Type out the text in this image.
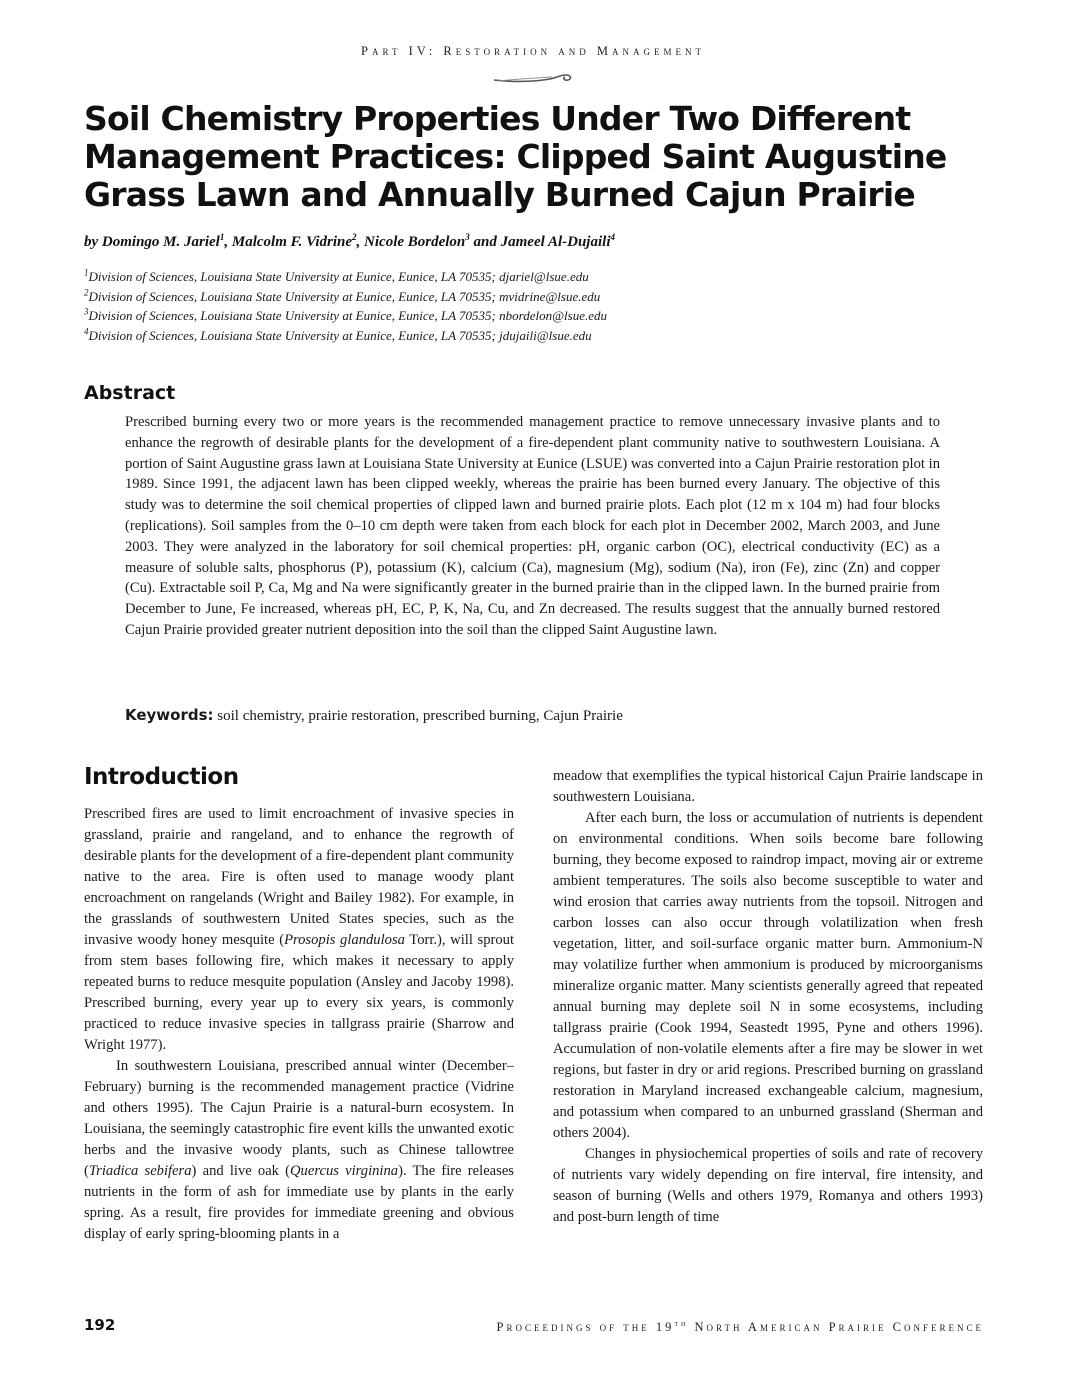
Part IV: Restoration and Management
Soil Chemistry Properties Under Two Different
Management Practices: Clipped Saint Augustine
Grass Lawn and Annually Burned Cajun Prairie
by Domingo M. Jariel$^1$, Malcolm F. Vidrine$^2$, Nicole Bordelon$^3$ and Jameel Al-Dujaili$^4$
$^1$Division of Sciences, Louisiana State University at Eunice, Eunice, LA 70535; djariel@lsue.edu
$^2$Division of Sciences, Louisiana State University at Eunice, Eunice, LA 70535; mvidrine@lsue.edu
$^3$Division of Sciences, Louisiana State University at Eunice, Eunice, LA 70535; nbordelon@lsue.edu
$^4$Division of Sciences, Louisiana State University at Eunice, Eunice, LA 70535; jdujaili@lsue.edu
Abstract

Prescribed burning every two or more years is the recommended management practice to remove unnecessary invasive plants and to enhance the regrowth of desirable plants for the development of a fire-dependent plant community native to southwestern Louisiana. A portion of Saint Augustine grass lawn at Louisiana State University at Eunice (LSUE) was converted into a Cajun Prairie restoration plot in 1989. Since 1991, the adjacent lawn has been clipped weekly, whereas the prairie has been burned every January. The objective of this study was to determine the soil chemical properties of clipped lawn and burned prairie plots. Each plot (12 m x 104 m) had four blocks (replications). Soil samples from the 0–10 cm depth were taken from each block for each plot in December 2002, March 2003, and June 2003. They were analyzed in the laboratory for soil chemical properties: pH, organic carbon (OC), electrical conductivity (EC) as a measure of soluble salts, phosphorus (P), potassium (K), calcium (Ca), magnesium (Mg), sodium (Na), iron (Fe), zinc (Zn) and copper (Cu). Extractable soil P, Ca, Mg and Na were significantly greater in the burned prairie than in the clipped lawn. In the burned prairie from December to June, Fe increased, whereas pH, EC, P, K, Na, Cu, and Zn decreased. The results suggest that the annually burned restored Cajun Prairie provided greater nutrient deposition into the soil than the clipped Saint Augustine lawn.

Keywords: soil chemistry, prairie restoration, prescribed burning, Cajun Prairie
Introduction

Prescribed fires are used to limit encroachment of invasive species in grassland, prairie and rangeland, and to enhance the regrowth of desirable plants for the development of a fire-dependent plant community native to the area. Fire is often used to manage woody plant encroachment on rangelands (Wright and Bailey 1982). For example, in the grasslands of southwestern United States species, such as the invasive woody honey mesquite (Prosopis glandulosa Torr.), will sprout from stem bases following fire, which makes it necessary to apply repeated burns to reduce mesquite population (Ansley and Jacoby 1998). Prescribed burning, every year up to every six years, is commonly practiced to reduce invasive species in tallgrass prairie (Sharrow and Wright 1977).

In southwestern Louisiana, prescribed annual winter (December–February) burning is the recommended management practice (Vidrine and others 1995). The Cajun Prairie is a natural-burn ecosystem. In Louisiana, the seemingly catastrophic fire event kills the unwanted exotic herbs and the invasive woody plants, such as Chinese tallowtree (Triadica sebifera) and live oak (Quercus virginina). The fire releases nutrients in the form of ash for immediate use by plants in the early spring. As a result, fire provides for immediate greening and obvious display of early spring-blooming plants in a

meadow that exemplifies the typical historical Cajun Prairie landscape in southwestern Louisiana.

After each burn, the loss or accumulation of nutrients is dependent on environmental conditions. When soils become bare following burning, they become exposed to raindrop impact, moving air or extreme ambient temperatures. The soils also become susceptible to water and wind erosion that carries away nutrients from the topsoil. Nitrogen and carbon losses can also occur through volatilization when fresh vegetation, litter, and soil-surface organic matter burn. Ammonium-N may volatilize further when ammonium is produced by microorganisms mineralize organic matter. Many scientists generally agreed that repeated annual burning may deplete soil N in some ecosystems, including tallgrass prairie (Cook 1994, Seastedt 1995, Pyne and others 1996). Accumulation of non-volatile elements after a fire may be slower in wet regions, but faster in dry or arid regions. Prescribed burning on grassland restoration in Maryland increased exchangeable calcium, magnesium, and potassium when compared to an unburned grassland (Sherman and others 2004).

Changes in physiochemical properties of soils and rate of recovery of nutrients vary widely depending on fire interval, fire intensity, and season of burning (Wells and others 1979, Romanya and others 1993) and post-burn length of time

192	Proceedings of the 19th North American Prairie Conference
